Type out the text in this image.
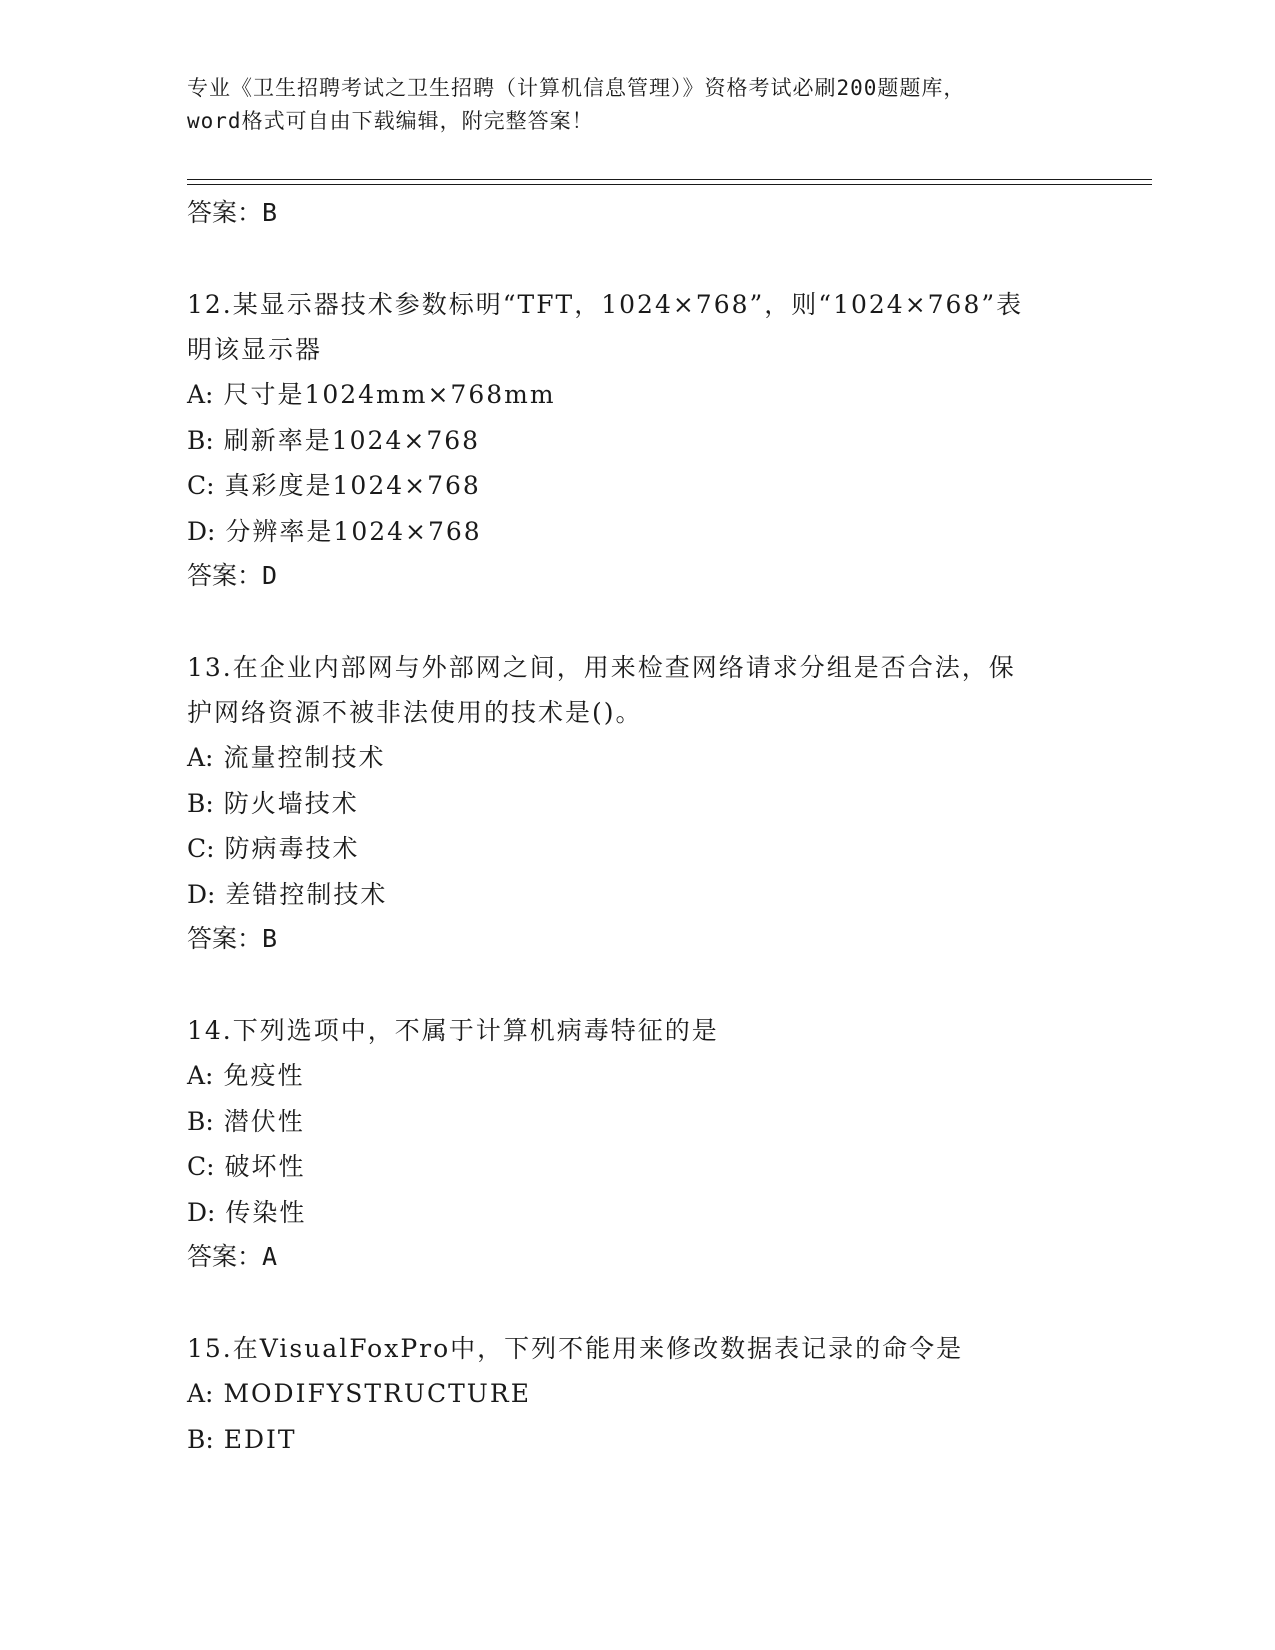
专业《卫生招聘考试之卫生招聘（计算机信息管理）》资格考试必刷200题题库，
word格式可自由下载编辑，附完整答案！
答案：B
12.某显示器技术参数标明“TFT，1024×768”，则“1024×768”表
明该显示器
A: 尺寸是1024mm×768mm
B: 刷新率是1024×768
C: 真彩度是1024×768
D: 分辨率是1024×768
答案：D
13.在企业内部网与外部网之间，用来检查网络请求分组是否合法，保
护网络资源不被非法使用的技术是()。
A: 流量控制技术
B: 防火墙技术
C: 防病毒技术
D: 差错控制技术
答案：B
14.下列选项中，不属于计算机病毒特征的是
A: 免疫性
B: 潜伏性
C: 破坏性
D: 传染性
答案：A
15.在VisualFoxPro中，下列不能用来修改数据表记录的命令是
A: MODIFYSTRUCTURE
B: EDIT
